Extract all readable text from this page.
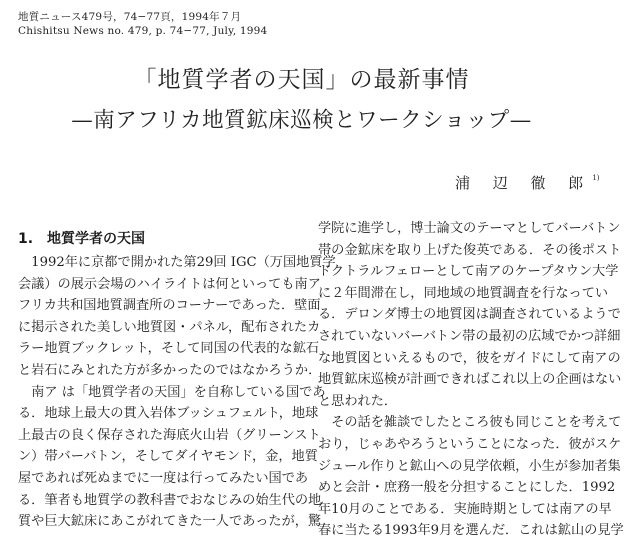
地質ニュース479号，74−77頁，1994年７月
Chishitsu News no. 479, p. 74−77, July, 1994
「地質学者の天国」の最新事情
—南アフリカ地質鉱床巡検とワークショップ—
浦 辺 徹 郎$^{1)}$
1.　地質学者の天国
　1992年に京都で開かれた第29回 IGC（万国地質学
会議）の展示会場のハイライトは何といっても南ア
フリカ共和国地質調査所のコーナーであった．壁面
に掲示された美しい地質図・パネル，配布されたカ
ラー地質ブックレット，そして同国の代表的な鉱石
と岩石にみとれた方が多かったのではなかろうか．
　南ア は「地質学者の天国」を自称している国であ
る．地球上最大の貫入岩体ブッシュフェルト，地球
上最古の良く保存された海底火山岩（グリーンスト
ン）帯バーバトン，そしてダイヤモンド，金，地質
屋であれば死ぬまでに一度は行ってみたい国であ
る．筆者も地質学の教科書でおなじみの始生代の地
質や巨大鉱床にあこがれてきた一人であったが，驚
学院に進学し，博士論文のテーマとしてバーバトン
帯の金鉱床を取り上げた俊英である．その後ポスト
ドクトラルフェローとして南アのケープタウン大学
に２年間滞在し，同地域の地質調査を行なってい
る．デロンダ博士の地質図は調査されているようで
されていないバーバトン帯の最初の広域でかつ詳細
な地質図といえるもので，彼をガイドにして南アの
地質鉱床巡検が計画できればこれ以上の企画はない
と思われた．
　その話を雑談でしたところ彼も同じことを考えて
おり，じゃあやろうということになった．彼がスケ
ジュール作りと鉱山への見学依頼，小生が参加者集
めと会計・庶務一般を分担することにした．1992
年10月のことである．実施時期としては南アの早
春に当たる1993年9月を選んだ．これは鉱山の見学
